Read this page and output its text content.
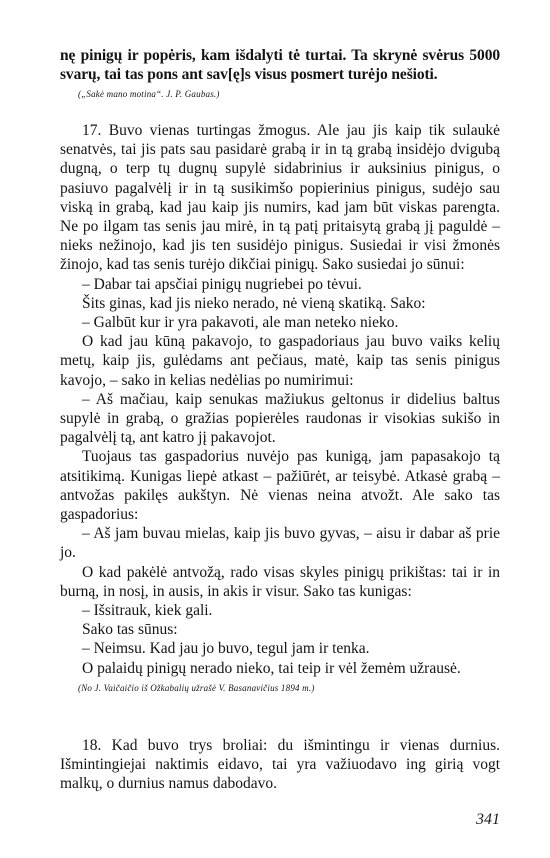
nę pinigų ir popėris, kam išdalyti tė turtai. Ta skrynė svėrus 5000 svarų, tai tas pons ant sav[ę]s visus posmert turėjo nešioti.

(„Sakė mano motina“. J. P. Gaubas.)

17. Buvo vienas turtingas žmogus. Ale jau jis kaip tik sulaukė senatvės, tai jis pats sau pasidarė grabą ir in tą grabą insidėjo dvigubą dugną, o terp tų dugnų supylė sidabrinius ir auksinius pinigus, o pasiuvo pagalvėlį ir in tą susikimšo popierinius pinigus, sudėjo sau viską in grabą, kad jau kaip jis numirs, kad jam būt viskas parengta. Ne po ilgam tas senis jau mirė, in tą patį pritaisytą grabą jį paguldė – nieks nežinojo, kad jis ten susidėjo pinigus. Susiedai ir visi žmonės žinojo, kad tas senis turėjo dikčiai pinigų. Sako susiedai jo sūnui:

– Dabar tai apsčiai pinigų nugriebei po tėvui.

Šits ginas, kad jis nieko nerado, nė vieną skatiką. Sako:

– Galbūt kur ir yra pakavoti, ale man neteko nieko.

O kad jau kūną pakavojo, to gaspadoriaus jau buvo vaiks kelių metų, kaip jis, gulėdams ant pečiaus, matė, kaip tas senis pinigus kavojo, – sako in kelias nedėlias po numirimui:

– Aš mačiau, kaip senukas mažiukus geltonus ir didelius baltus supylė in grabą, o gražias popierėles raudonas ir visokias sukišo in pagalvėlį tą, ant katro jį pakavojot.

Tuojaus tas gaspadorius nuvėjo pas kunigą, jam papasakojo tą atsitikimą. Kunigas liepė atkast – pažiūrėt, ar teisybė. Atkasė grabą – antvožas pakilęs aukštyn. Nė vienas neina atvožt. Ale sako tas gaspadorius:

– Aš jam buvau mielas, kaip jis buvo gyvas, – aisu ir dabar aš prie jo.

O kad pakėlė antvožą, rado visas skyles pinigų prikištas: tai ir in burną, in nosį, in ausis, in akis ir visur. Sako tas kunigas:

– Išsitrauk, kiek gali.

Sako tas sūnus:

– Neimsu. Kad jau jo buvo, tegul jam ir tenka.

O palaidų pinigų nerado nieko, tai teip ir vėl žemėm užrausė.

(No J. Vaičaičio iš Ožkabalių užrašė V. Basanavičius 1894 m.)

18. Kad buvo trys broliai: du išmintingu ir vienas durnius. Išmintingiejai naktimis eidavo, tai yra važiuodavo ing girią vogt malkų, o durnius namus dabodavo.

341
